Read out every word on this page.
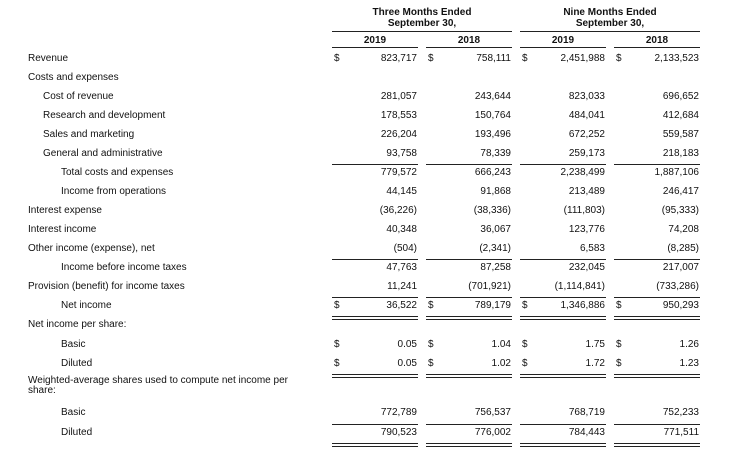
Three Months Ended
September 30,
Nine Months Ended
September 30,
2019	2018	2019	2018
Revenue	$	823,717 $	758,111 $	2,451,988 $	2,133,523
Costs and expenses
Cost of revenue	281,057	243,644	823,033	696,652
Research and development	178,553	150,764	484,041	412,684
Sales and marketing	226,204	193,496	672,252	559,587
General and administrative	93,758	78,339	259,173	218,183
Total costs and expenses	779,572	666,243	2,238,499	1,887,106
Income from operations	44,145	91,868	213,489	246,417
Interest expense	(36,226)	(38,336)	(111,803)	(95,333)
Interest income	40,348	36,067	123,776	74,208
Other income (expense), net	(504)	(2,341)	6,583	(8,285)
Income before income taxes	47,763	87,258	232,045	217,007
Provision (benefit) for income taxes	11,241	(701,921)	(1,114,841)	(733,286)
Net income	$	36,522 $	789,179 $	1,346,886 $	950,293
Net income per share:
Basic	$	0.05 $	1.04 $	1.75 $	1.26
Diluted	$	0.05 $	1.02 $	1.72 $	1.23
Weighted-average shares used to compute net income per share:
Basic	772,789	756,537	768,719	752,233
Diluted	790,523	776,002	784,443	771,511
